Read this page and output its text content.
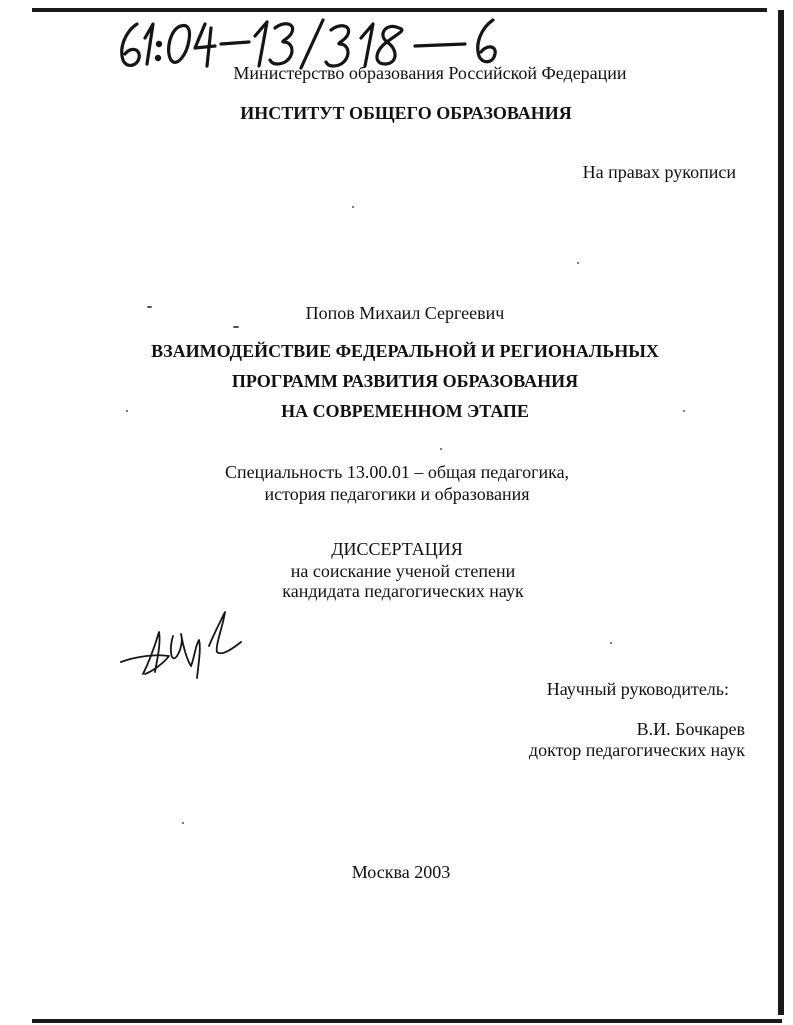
Министерство образования Российской Федерации
ИНСТИТУТ ОБЩЕГО ОБРАЗОВАНИЯ
На правах рукописи
Попов Михаил Сергеевич
ВЗАИМОДЕЙСТВИЕ ФЕДЕРАЛЬНОЙ И РЕГИОНАЛЬНЫХ
ПРОГРАММ РАЗВИТИЯ ОБРАЗОВАНИЯ
НА СОВРЕМЕННОМ ЭТАПЕ
Специальность 13.00.01 – общая педагогика,
история педагогики и образования
ДИССЕРТАЦИЯ
на соискание ученой степени
кандидата педагогических наук
Научный руководитель:
В.И. Бочкарев
доктор педагогических наук
Москва 2003
